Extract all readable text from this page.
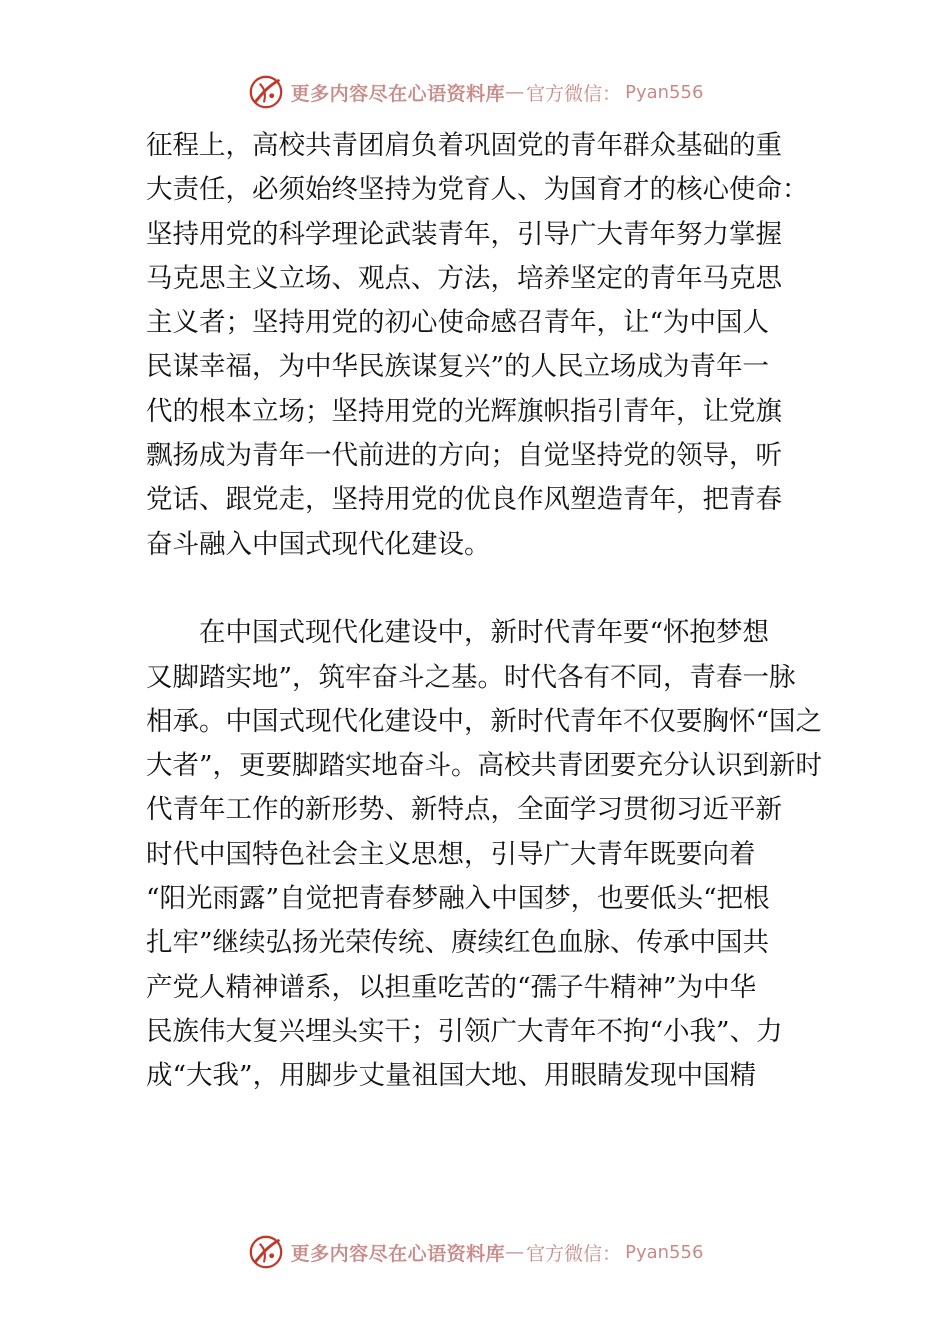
更多内容尽在心语资料库 — 官方微信： Pyan556
征程上，高校共青团肩负着巩固党的青年群众基础的重
大责任，必须始终坚持为党育人、为国育才的核心使命：
坚持用党的科学理论武装青年，引导广大青年努力掌握
马克思主义立场、观点、方法，培养坚定的青年马克思
主义者；坚持用党的初心使命感召青年，让“为中国人
民谋幸福，为中华民族谋复兴”的人民立场成为青年一
代的根本立场；坚持用党的光辉旗帜指引青年，让党旗
飘扬成为青年一代前进的方向；自觉坚持党的领导，听
党话、跟党走，坚持用党的优良作风塑造青年，把青春
奋斗融入中国式现代化建设。
在中国式现代化建设中，新时代青年要“怀抱梦想
又脚踏实地”，筑牢奋斗之基。时代各有不同，青春一脉
相承。中国式现代化建设中，新时代青年不仅要胸怀“国之
大者”，更要脚踏实地奋斗。高校共青团要充分认识到新时
代青年工作的新形势、新特点，全面学习贯彻习近平新
时代中国特色社会主义思想，引导广大青年既要向着
“阳光雨露”自觉把青春梦融入中国梦，也要低头“把根
扎牢”继续弘扬光荣传统、赓续红色血脉、传承中国共
产党人精神谱系，以担重吃苦的“孺子牛精神”为中华
民族伟大复兴埋头实干；引领广大青年不拘“小我”、力
成“大我”，用脚步丈量祖国大地、用眼睛发现中国精
更多内容尽在心语资料库 — 官方微信： Pyan556
